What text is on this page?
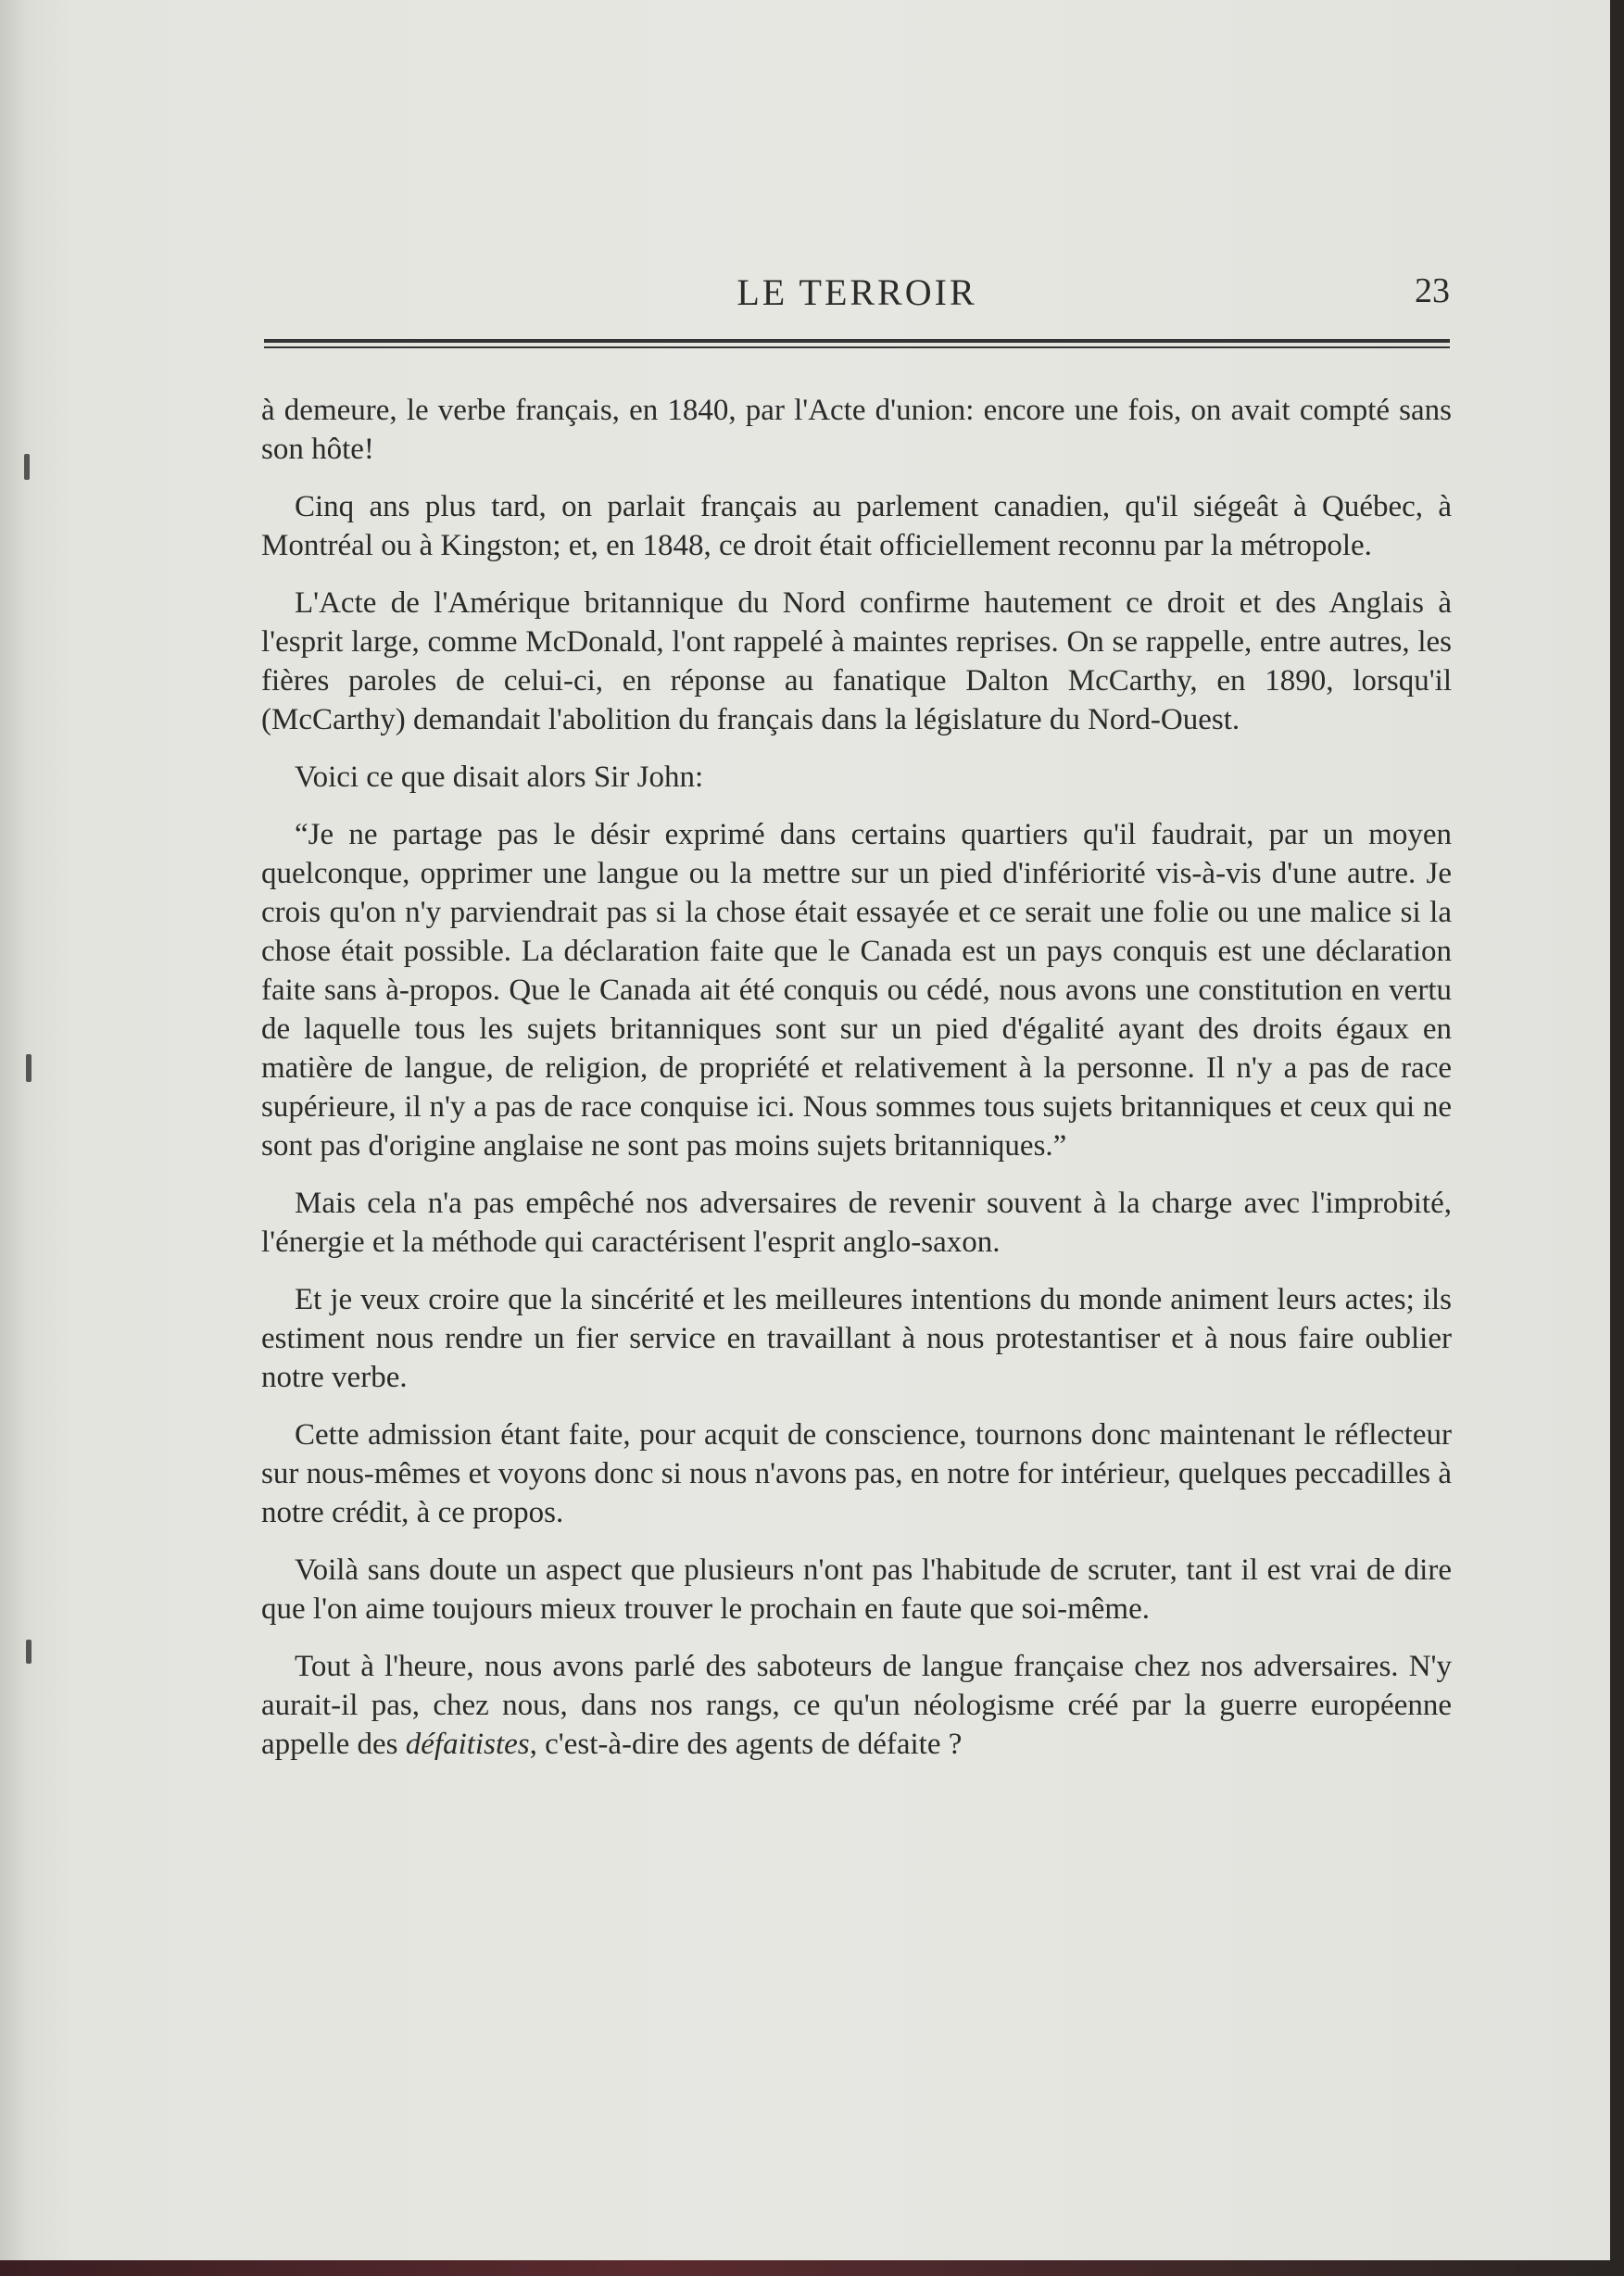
LE TERROIR	23

à demeure, le verbe français, en 1840, par l'Acte d'union: encore une fois, on avait compté sans son hôte!

Cinq ans plus tard, on parlait français au parlement canadien, qu'il siégeât à Québec, à Montréal ou à Kingston; et, en 1848, ce droit était officiellement reconnu par la métropole.

L'Acte de l'Amérique britannique du Nord confirme hautement ce droit et des Anglais à l'esprit large, comme McDonald, l'ont rappelé à maintes reprises. On se rappelle, entre autres, les fières paroles de celui-ci, en réponse au fanatique Dalton McCarthy, en 1890, lorsqu'il (McCarthy) demandait l'abolition du français dans la législature du Nord-Ouest.

Voici ce que disait alors Sir John:

“Je ne partage pas le désir exprimé dans certains quartiers qu'il faudrait, par un moyen quelconque, opprimer une langue ou la mettre sur un pied d'infériorité vis-à-vis d'une autre. Je crois qu'on n'y parviendrait pas si la chose était essayée et ce serait une folie ou une malice si la chose était possible. La déclaration faite que le Canada est un pays conquis est une déclaration faite sans à-propos. Que le Canada ait été conquis ou cédé, nous avons une constitution en vertu de laquelle tous les sujets britanniques sont sur un pied d'égalité ayant des droits égaux en matière de langue, de religion, de propriété et relativement à la personne. Il n'y a pas de race supérieure, il n'y a pas de race conquise ici. Nous sommes tous sujets britanniques et ceux qui ne sont pas d'origine anglaise ne sont pas moins sujets britanniques.”

Mais cela n'a pas empêché nos adversaires de revenir souvent à la charge avec l'improbité, l'énergie et la méthode qui caractérisent l'esprit anglo-saxon.

Et je veux croire que la sincérité et les meilleures intentions du monde animent leurs actes; ils estiment nous rendre un fier service en travaillant à nous protestantiser et à nous faire oublier notre verbe.

Cette admission étant faite, pour acquit de conscience, tournons donc maintenant le réflecteur sur nous-mêmes et voyons donc si nous n'avons pas, en notre for intérieur, quelques peccadilles à notre crédit, à ce propos.

Voilà sans doute un aspect que plusieurs n'ont pas l'habitude de scruter, tant il est vrai de dire que l'on aime toujours mieux trouver le prochain en faute que soi-même.

Tout à l'heure, nous avons parlé des saboteurs de langue française chez nos adversaires. N'y aurait-il pas, chez nous, dans nos rangs, ce qu'un néologisme créé par la guerre européenne appelle des défaitistes, c'est-à-dire des agents de défaite ?
